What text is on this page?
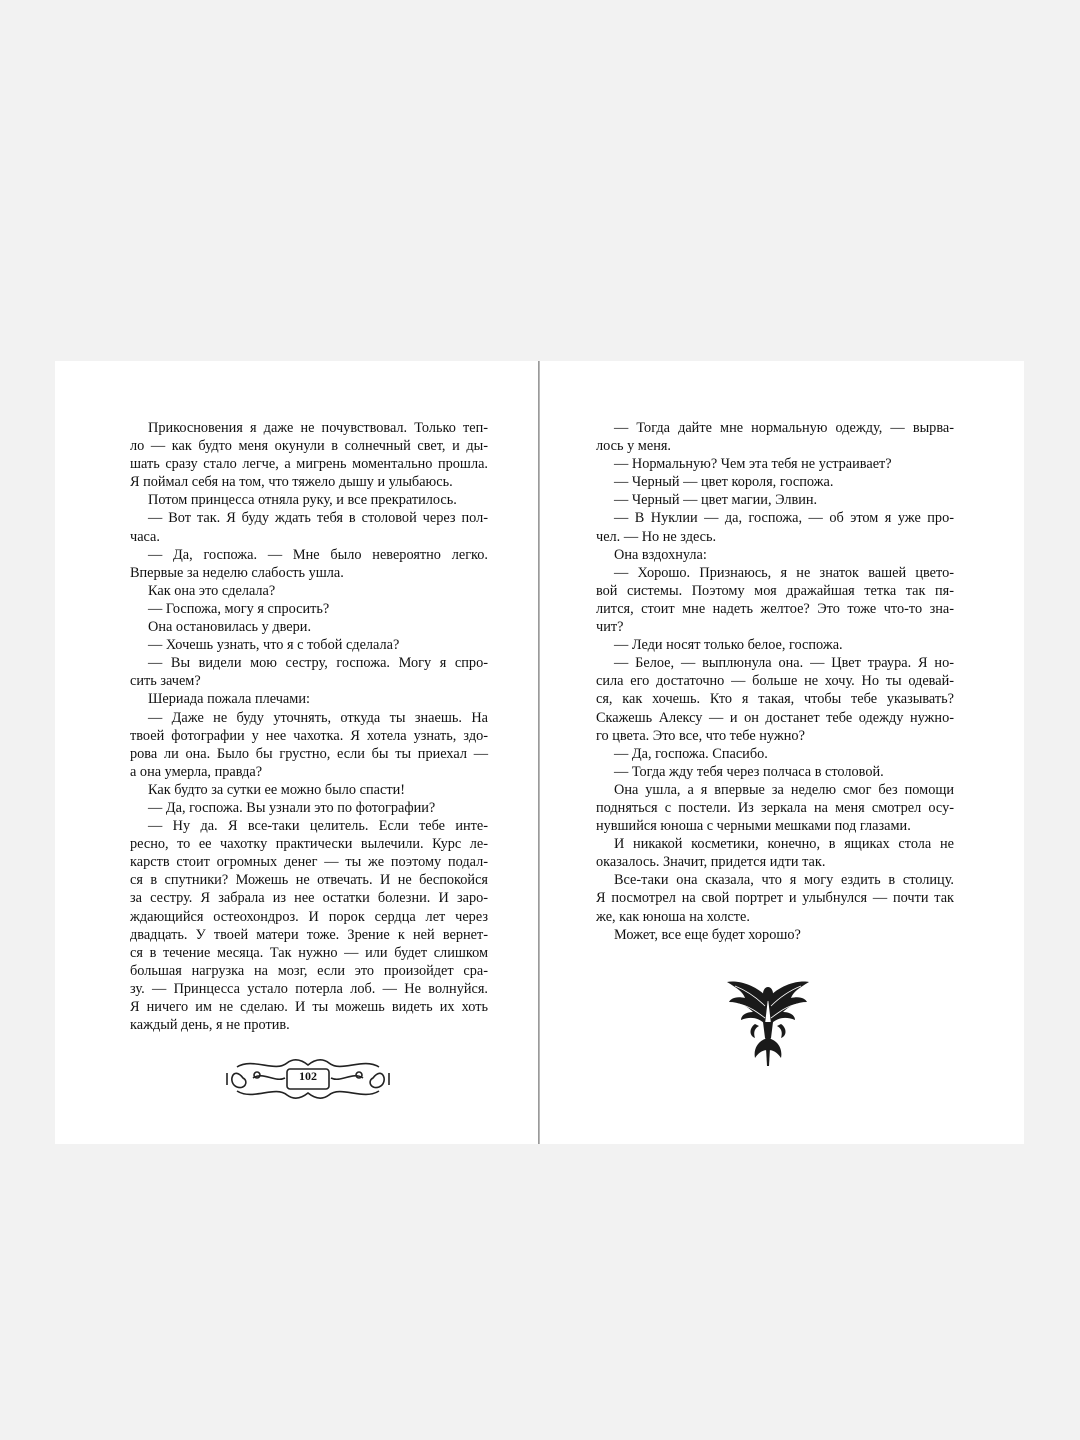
Прикосновения я даже не почувствовал. Только теп-
ло — как будто меня окунули в солнечный свет, и ды-
шать сразу стало легче, а мигрень моментально прошла.
Я поймал себя на том, что тяжело дышу и улыбаюсь.

Потом принцесса отняла руку, и все прекратилось.

— Вот так. Я буду ждать тебя в столовой через пол-
часа.

— Да, госпожа. — Мне было невероятно легко.
Впервые за неделю слабость ушла.

Как она это сделала?

— Госпожа, могу я спросить?

Она остановилась у двери.

— Хочешь узнать, что я с тобой сделала?

— Вы видели мою сестру, госпожа. Могу я спро-
сить зачем?

Шериада пожала плечами:

— Даже не буду уточнять, откуда ты знаешь. На
твоей фотографии у нее чахотка. Я хотела узнать, здо-
рова ли она. Было бы грустно, если бы ты приехал —
а она умерла, правда?

Как будто за сутки ее можно было спасти!

— Да, госпожа. Вы узнали это по фотографии?

— Ну да. Я все-таки целитель. Если тебе инте-
ресно, то ее чахотку практически вылечили. Курс ле-
карств стоит огромных денег — ты же поэтому подал-
ся в спутники? Можешь не отвечать. И не беспокойся
за сестру. Я забрала из нее остатки болезни. И заро-
ждающийся остеохондроз. И порок сердца лет через
двадцать. У твоей матери тоже. Зрение к ней вернет-
ся в течение месяца. Так нужно — или будет слишком
большая нагрузка на мозг, если это произойдет сра-
зу. — Принцесса устало потерла лоб. — Не волнуйся.
Я ничего им не сделаю. И ты можешь видеть их хоть
каждый день, я не против.

— Тогда дайте мне нормальную одежду, — вырва-
лось у меня.

— Нормальную? Чем эта тебя не устраивает?

— Черный — цвет короля, госпожа.

— Черный — цвет магии, Элвин.

— В Нуклии — да, госпожа, — об этом я уже про-
чел. — Но не здесь.

Она вздохнула:

— Хорошо. Признаюсь, я не знаток вашей цвето-
вой системы. Поэтому моя дражайшая тетка так пя-
лится, стоит мне надеть желтое? Это тоже что-то зна-
чит?

— Леди носят только белое, госпожа.

— Белое, — выплюнула она. — Цвет траура. Я но-
сила его достаточно — больше не хочу. Но ты одевай-
ся, как хочешь. Кто я такая, чтобы тебе указывать?
Скажешь Алексу — и он достанет тебе одежду нужно-
го цвета. Это все, что тебе нужно?

— Да, госпожа. Спасибо.

— Тогда жду тебя через полчаса в столовой.

Она ушла, а я впервые за неделю смог без помощи
подняться с постели. Из зеркала на меня смотрел осу-
нувшийся юноша с черными мешками под глазами.

И никакой косметики, конечно, в ящиках стола не
оказалось. Значит, придется идти так.

Все-таки она сказала, что я могу ездить в столицу.
Я посмотрел на свой портрет и улыбнулся — почти так
же, как юноша на холсте.

Может, все еще будет хорошо?

102
